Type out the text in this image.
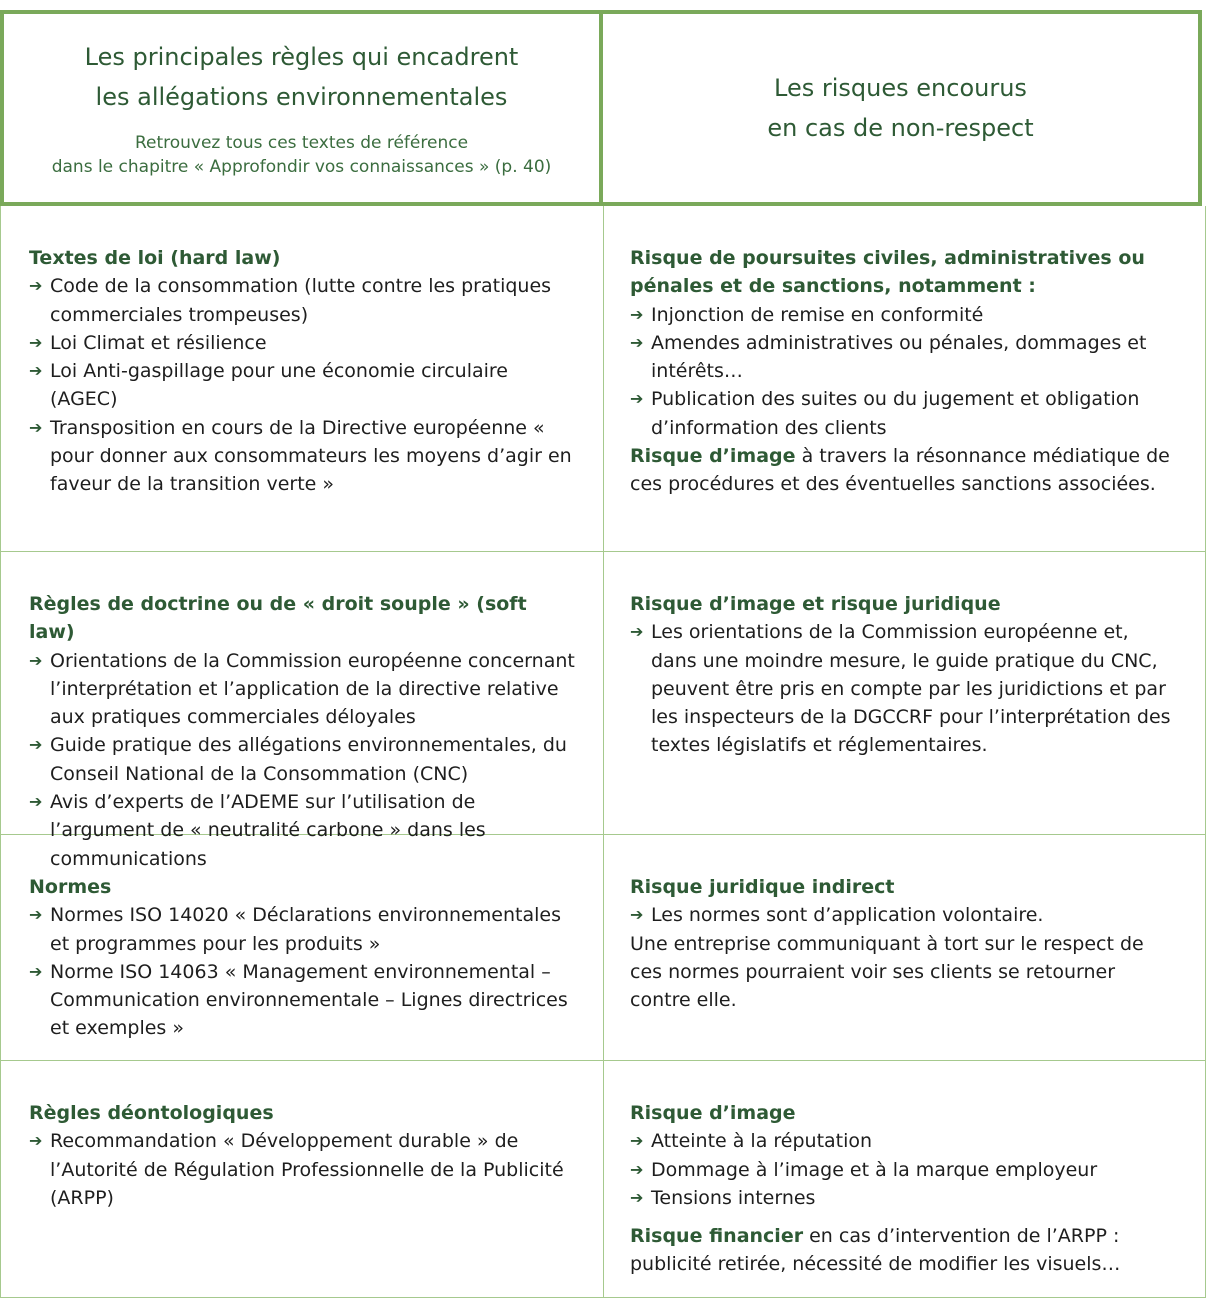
Les principales règles qui encadrent
les allégations environnementales
Retrouvez tous ces textes de référence
dans le chapitre « Approfondir vos connaissances » (p. 40)
Les risques encourus
en cas de non-respect
Textes de loi (hard law)
➔ Code de la consommation (lutte contre les pratiques commerciales trompeuses)
➔ Loi Climat et résilience
➔ Loi Anti-gaspillage pour une économie circulaire (AGEC)
➔ Transposition en cours de la Directive européenne « pour donner aux consommateurs les moyens d’agir en faveur de la transition verte »
Risque de poursuites civiles, administratives ou pénales et de sanctions, notamment :
➔ Injonction de remise en conformité
➔ Amendes administratives ou pénales, dommages et intérêts…
➔ Publication des suites ou du jugement et obligation d’information des clients
Risque d’image à travers la résonnance médiatique de ces procédures et des éventuelles sanctions associées.
Règles de doctrine ou de « droit souple » (soft law)
➔ Orientations de la Commission européenne concernant l’interprétation et l’application de la directive relative aux pratiques commerciales déloyales
➔ Guide pratique des allégations environnementales, du Conseil National de la Consommation (CNC)
➔ Avis d’experts de l’ADEME sur l’utilisation de l’argument de « neutralité carbone » dans les communications
Risque d’image et risque juridique
➔ Les orientations de la Commission européenne et, dans une moindre mesure, le guide pratique du CNC, peuvent être pris en compte par les juridictions et par les inspecteurs de la DGCCRF pour l’interprétation des textes législatifs et réglementaires.
Normes
➔ Normes ISO 14020 « Déclarations environnementales et programmes pour les produits »
➔ Norme ISO 14063 « Management environnemental – Communication environnementale – Lignes directrices et exemples »
Risque juridique indirect
➔ Les normes sont d’application volontaire.
Une entreprise communiquant à tort sur le respect de ces normes pourraient voir ses clients se retourner contre elle.
Règles déontologiques
➔ Recommandation « Développement durable » de l’Autorité de Régulation Professionnelle de la Publicité (ARPP)
Risque d’image
➔ Atteinte à la réputation
➔ Dommage à l’image et à la marque employeur
➔ Tensions internes
Risque financier en cas d’intervention de l’ARPP : publicité retirée, nécessité de modifier les visuels…
